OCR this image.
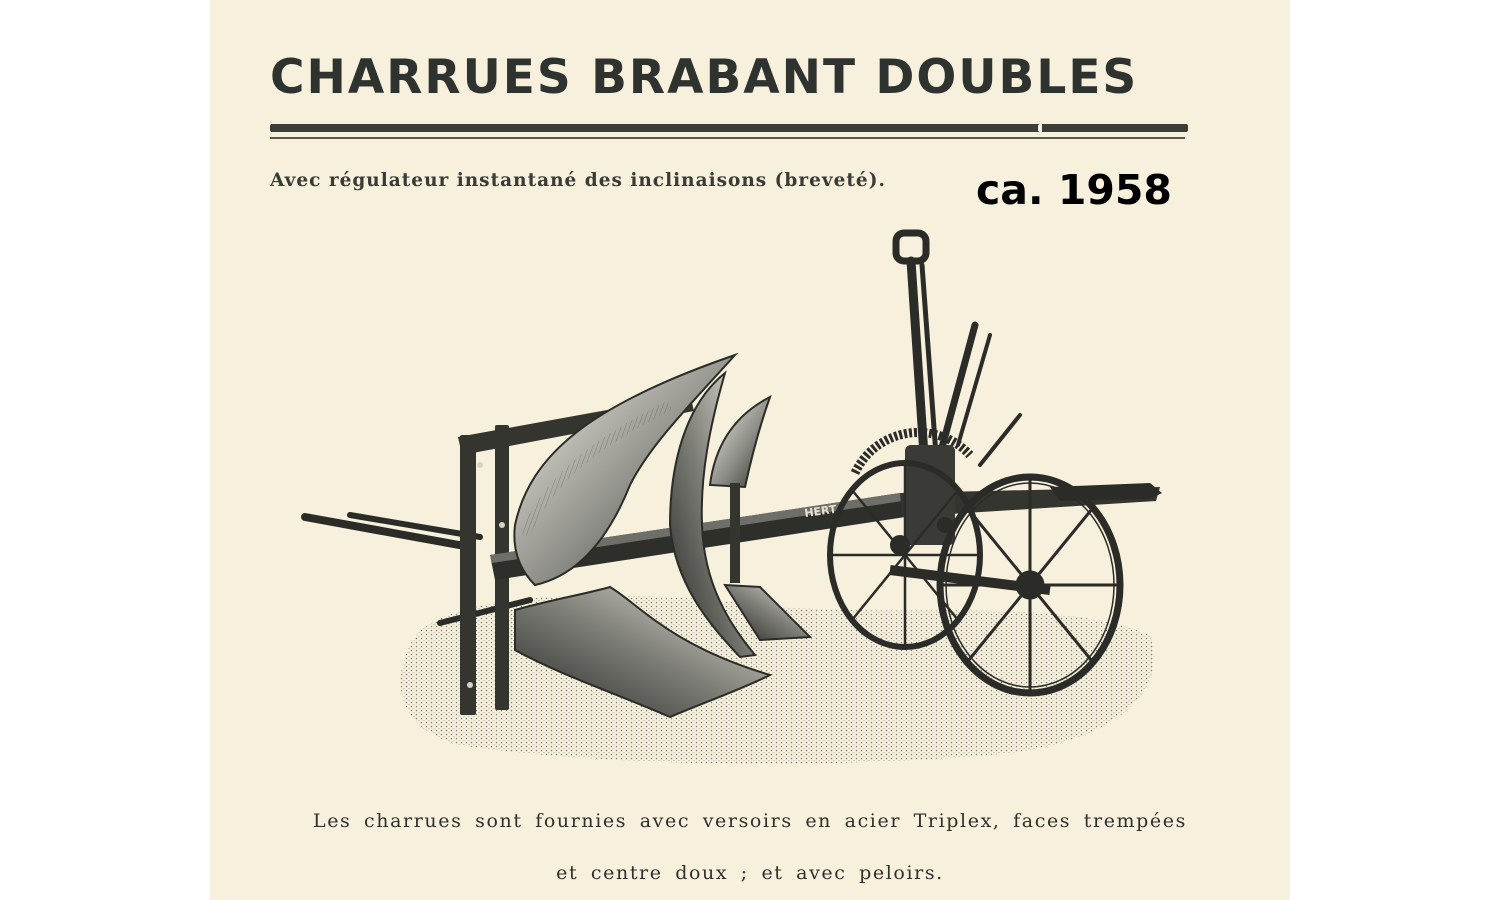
CHARRUES BRABANT DOUBLES
Avec régulateur instantané des inclinaisons (breveté). ca. 1958
HERT
Les charrues sont fournies avec versoirs en acier Triplex, faces trempées
et centre doux ; et avec peloirs.
